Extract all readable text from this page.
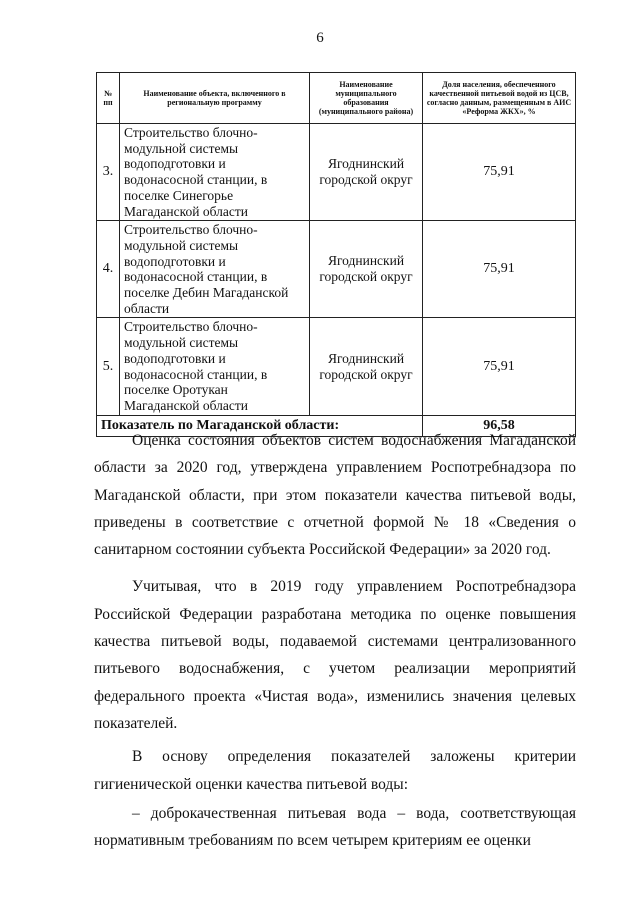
6
№ пп	Наименование объекта, включенного в региональную программу	Наименование муниципального образования (муниципального района)	Доля населения, обеспеченного качественной питьевой водой из ЦСВ, согласно данным, размещенным в АИС «Реформа ЖКХ», %
3.	Строительство блочно-модульной системы водоподготовки и водонасосной станции, в поселке Синегорье Магаданской области	Ягоднинский городской округ	75,91
4.	Строительство блочно-модульной системы водоподготовки и водонасосной станции, в поселке Дебин Магаданской области	Ягоднинский городской округ	75,91
5.	Строительство блочно-модульной системы водоподготовки и водонасосной станции, в поселке Оротукан Магаданской области	Ягоднинский городской округ	75,91
Показатель по Магаданской области:			96,58

Оценка состояния объектов систем водоснабжения Магаданской области за 2020 год, утверждена управлением Роспотребнадзора по Магаданской области, при этом показатели качества питьевой воды, приведены в соответствие с отчетной формой № 18 «Сведения о санитарном состоянии субъекта Российской Федерации» за 2020 год.

Учитывая, что в 2019 году управлением Роспотребнадзора Российской Федерации разработана методика по оценке повышения качества питьевой воды, подаваемой системами централизованного питьевого водоснабжения, с учетом реализации мероприятий федерального проекта «Чистая вода», изменились значения целевых показателей.

В основу определения показателей заложены критерии гигиенической оценки качества питьевой воды:

– доброкачественная питьевая вода – вода, соответствующая нормативным требованиям по всем четырем критериям ее оценки
